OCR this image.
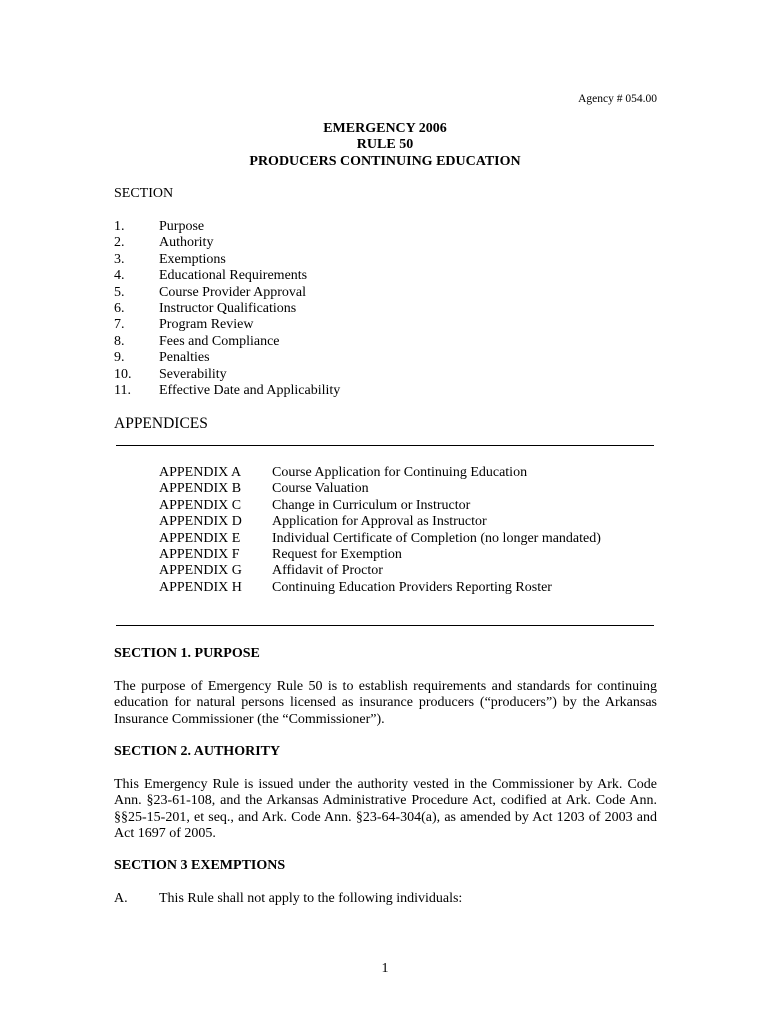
Agency # 054.00
EMERGENCY 2006
RULE 50
PRODUCERS CONTINUING EDUCATION
SECTION
1.	Purpose
2.	Authority
3.	Exemptions
4.	Educational Requirements
5.	Course Provider Approval
6.	Instructor Qualifications
7.	Program Review
8.	Fees and Compliance
9.	Penalties
10.	Severability
11.	Effective Date and Applicability
APPENDICES
APPENDIX A	Course Application for Continuing Education
APPENDIX B	Course Valuation
APPENDIX C	Change in Curriculum or Instructor
APPENDIX D	Application for Approval as Instructor
APPENDIX E	Individual Certificate of Completion (no longer mandated)
APPENDIX F	Request for Exemption
APPENDIX G	Affidavit of Proctor
APPENDIX H	Continuing Education Providers Reporting Roster
SECTION 1. PURPOSE
The purpose of Emergency Rule 50 is to establish requirements and standards for continuing education for natural persons licensed as insurance producers (“producers”) by the Arkansas Insurance Commissioner (the “Commissioner”).
SECTION 2. AUTHORITY
This Emergency Rule is issued under the authority vested in the Commissioner by Ark. Code Ann. §23-61-108, and the Arkansas Administrative Procedure Act, codified at Ark. Code Ann. §§25-15-201, et seq., and Ark. Code Ann. §23-64-304(a), as amended by Act 1203 of 2003 and Act 1697 of 2005.
SECTION 3 EXEMPTIONS
A.	This Rule shall not apply to the following individuals:
1
